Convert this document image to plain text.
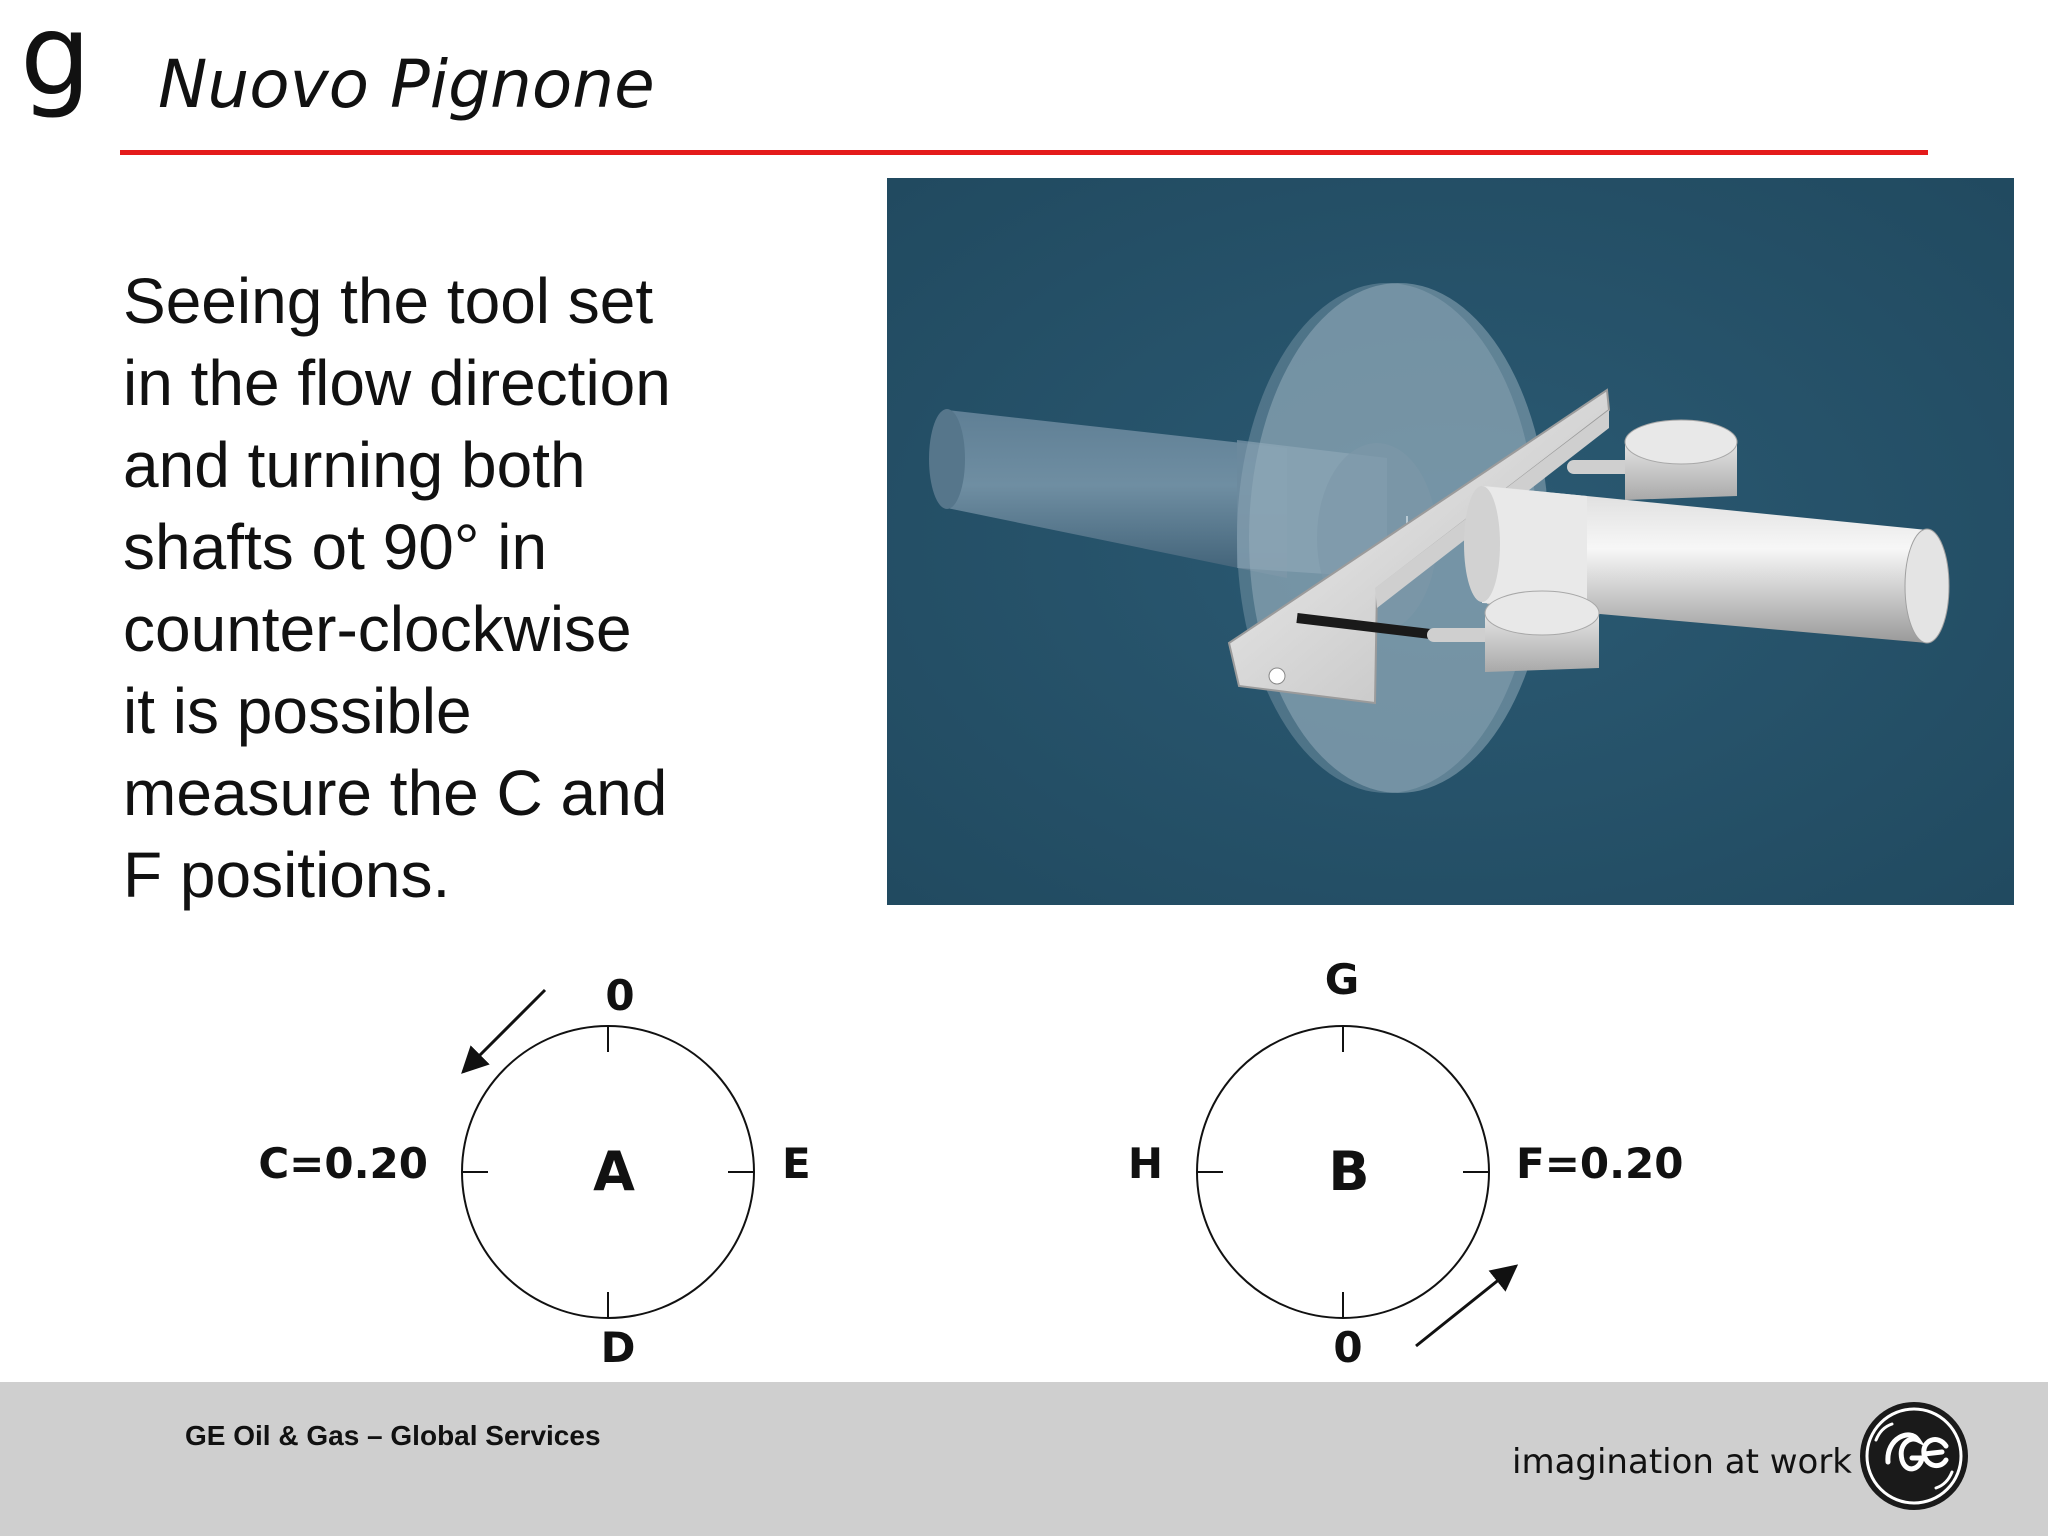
g Nuovo Pignone
Seeing the tool set
in the flow direction
and turning both
shafts ot 90° in
counter-clockwise
it is possible
measure the C and
F positions.
A
0
E
D
C=0.20	B
G
F=0.20
0
H
GE Oil & Gas – Global Services
imagination at work
